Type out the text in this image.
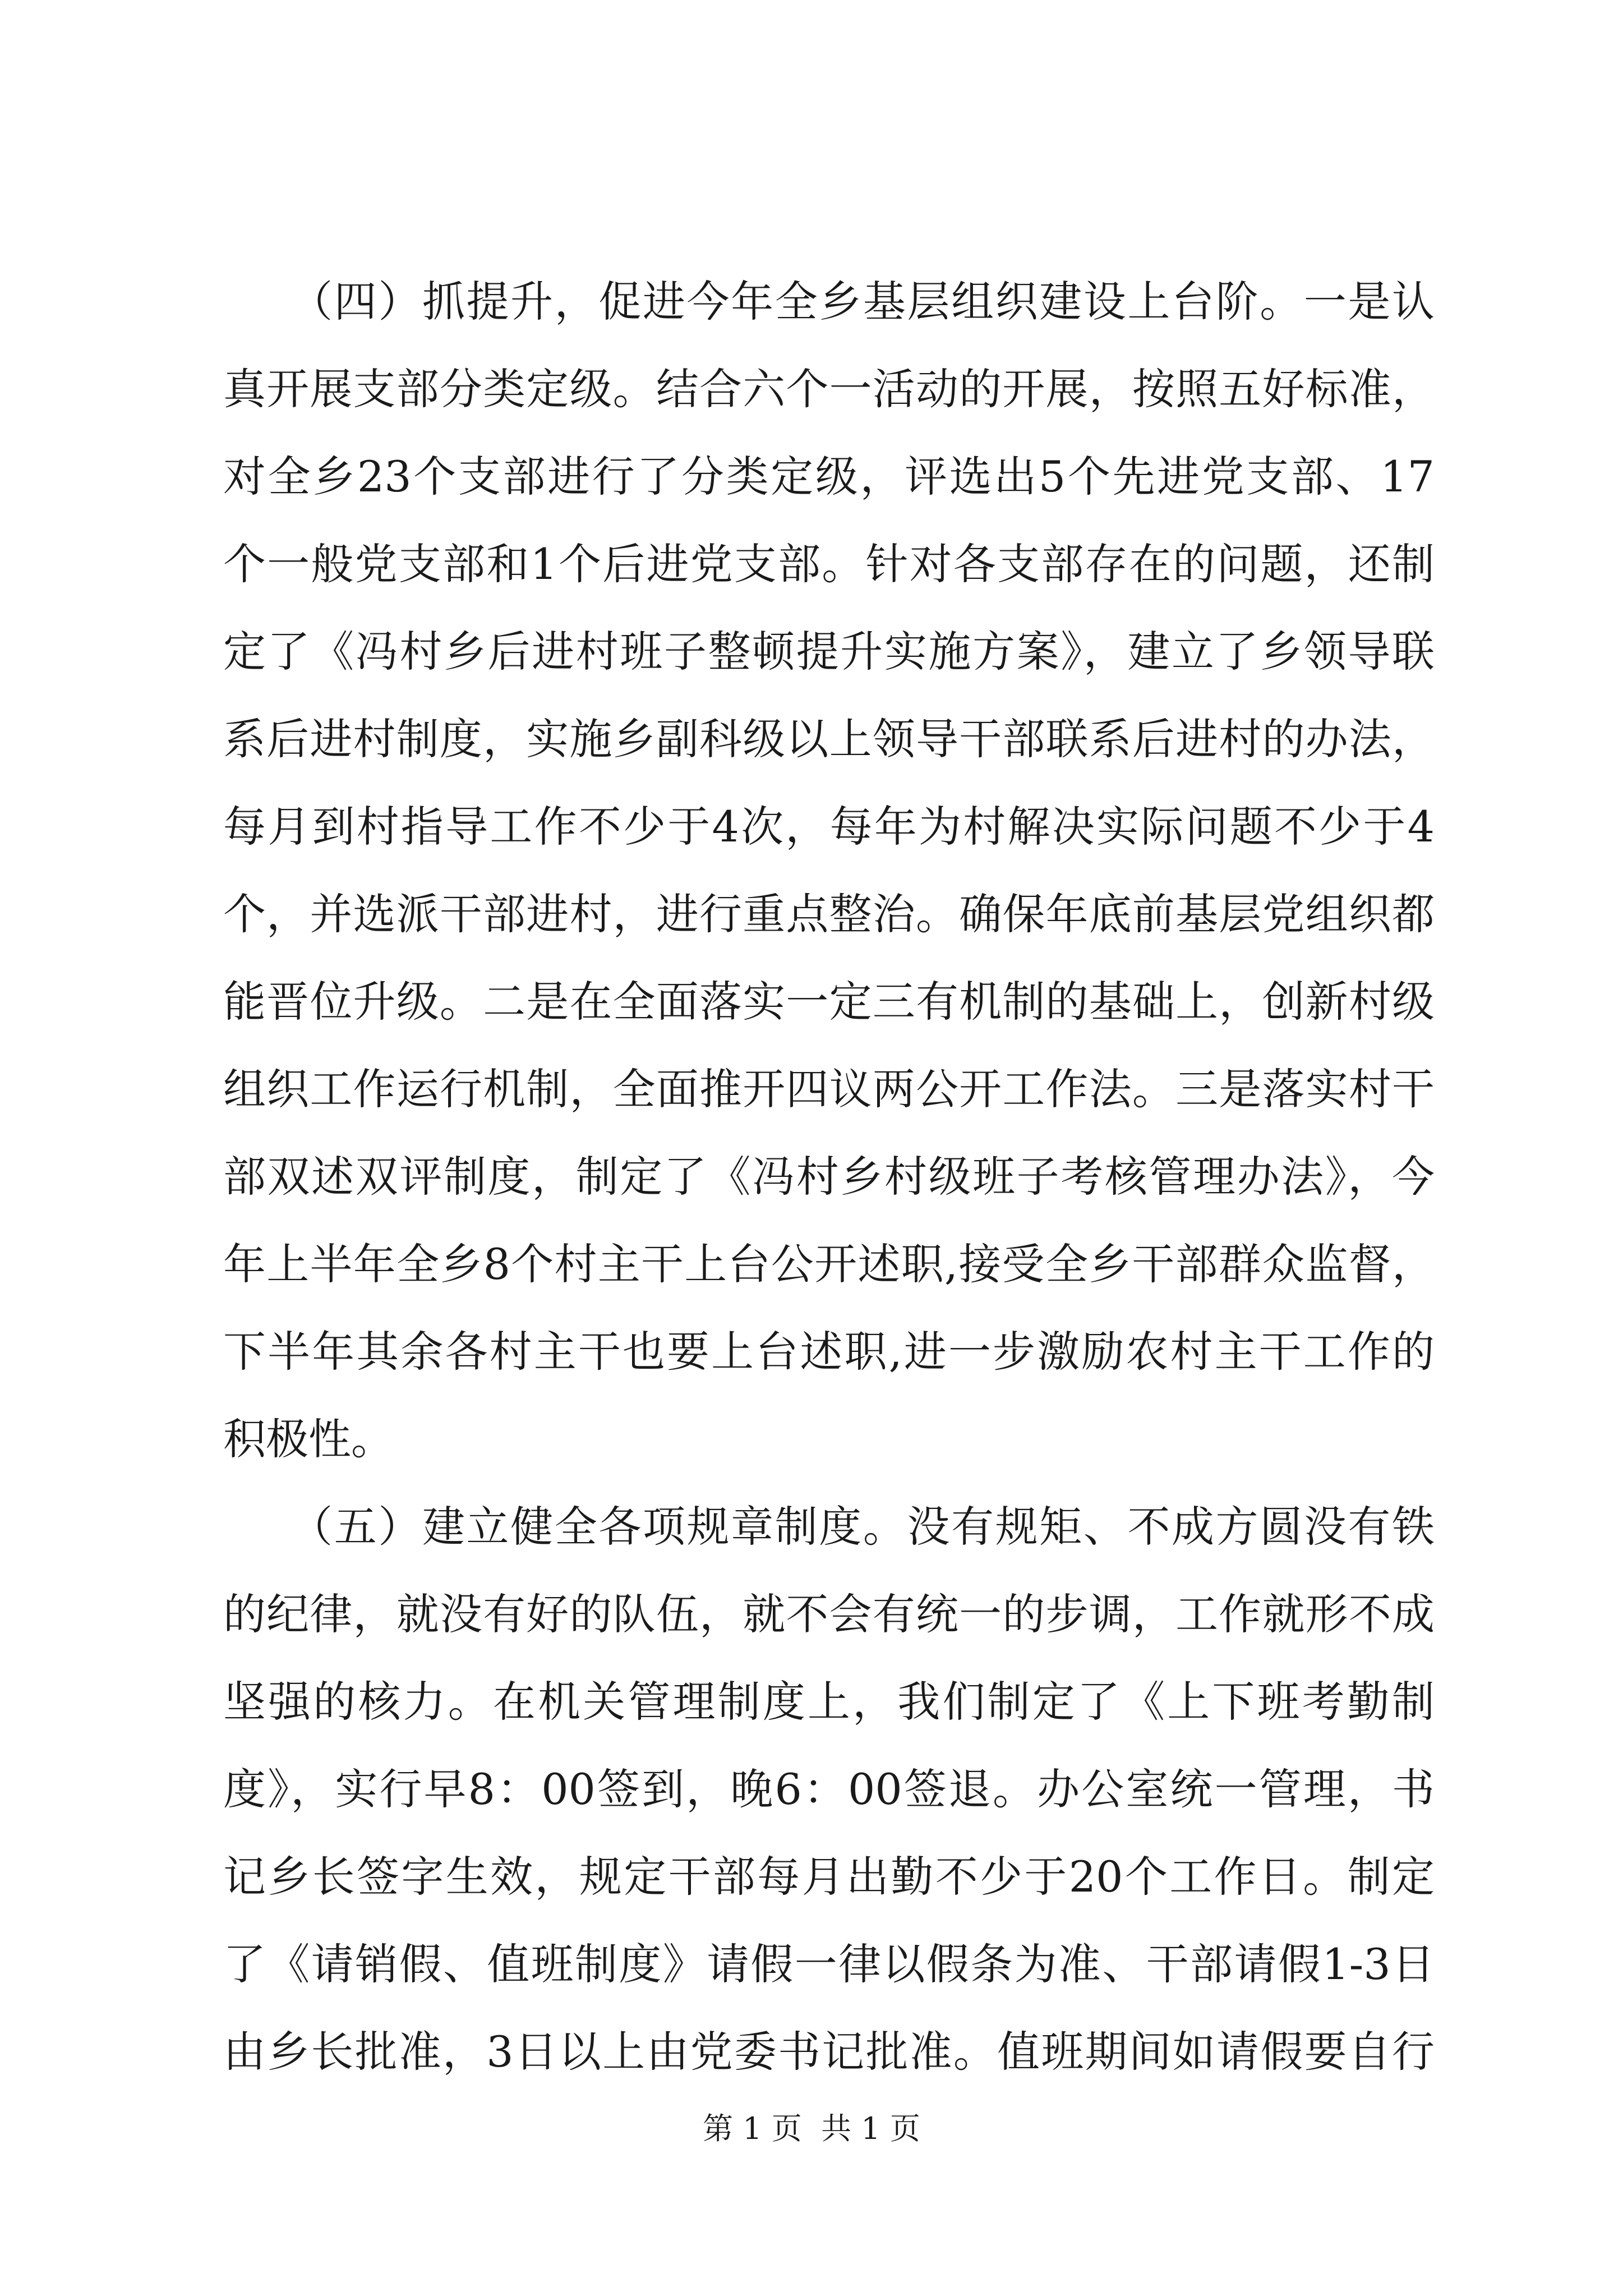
　　（四）抓提升，促进今年全乡基层组织建设上台阶。一是认
真开展支部分类定级。结合六个一活动的开展，按照五好标准，
对全乡23个支部进行了分类定级，评选出5个先进党支部、17
个一般党支部和1个后进党支部。针对各支部存在的问题，还制
定了《冯村乡后进村班子整顿提升实施方案》，建立了乡领导联
系后进村制度，实施乡副科级以上领导干部联系后进村的办法，
每月到村指导工作不少于4次，每年为村解决实际问题不少于4
个，并选派干部进村，进行重点整治。确保年底前基层党组织都
能晋位升级。二是在全面落实一定三有机制的基础上，创新村级
组织工作运行机制，全面推开四议两公开工作法。三是落实村干
部双述双评制度，制定了《冯村乡村级班子考核管理办法》，今
年上半年全乡8个村主干上台公开述职,接受全乡干部群众监督，
下半年其余各村主干也要上台述职,进一步激励农村主干工作的
积极性。
　　（五）建立健全各项规章制度。没有规矩、不成方圆没有铁
的纪律，就没有好的队伍，就不会有统一的步调，工作就形不成
坚强的核力。在机关管理制度上，我们制定了《上下班考勤制
度》，实行早8：00签到，晚6：00签退。办公室统一管理，书
记乡长签字生效，规定干部每月出勤不少于20个工作日。制定
了《请销假、值班制度》请假一律以假条为准、干部请假1-3日
由乡长批准，3日以上由党委书记批准。值班期间如请假要自行
第 1 页  共 1 页
